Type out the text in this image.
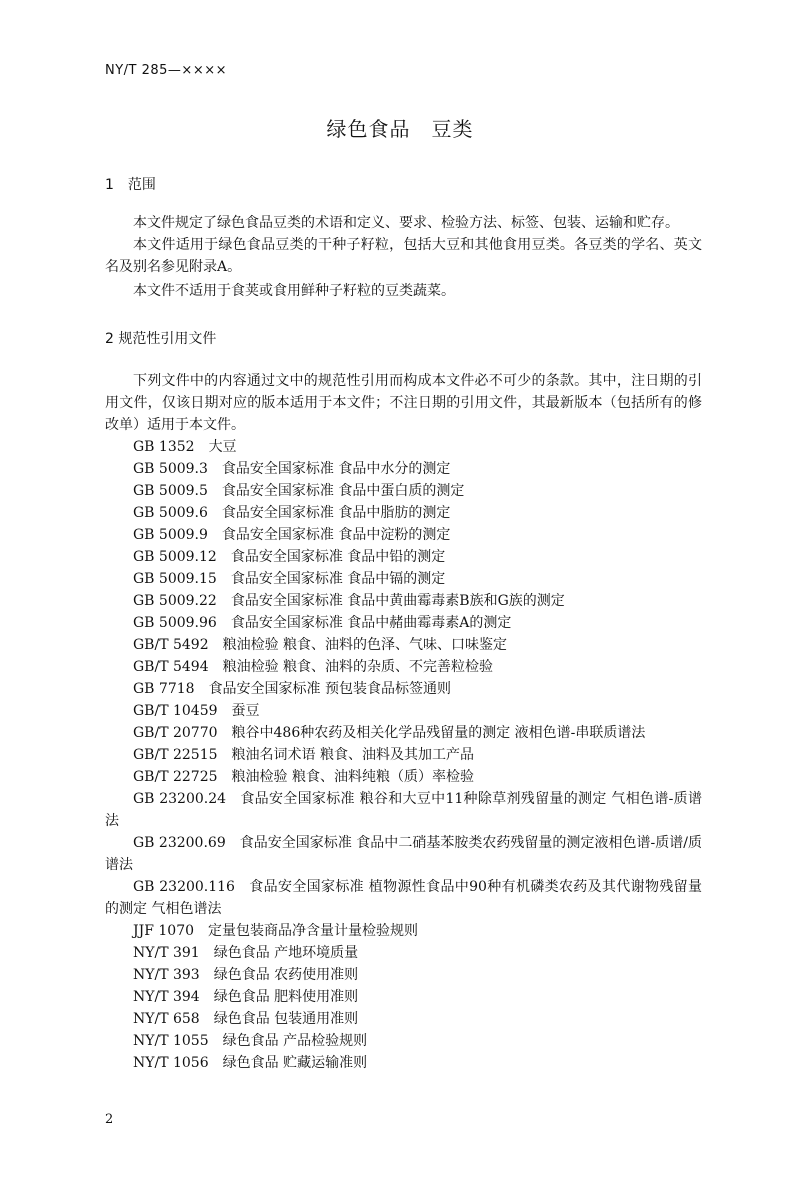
NY/T 285—××××
绿色食品　豆类
1　范围
本文件规定了绿色食品豆类的术语和定义、要求、检验方法、标签、包装、运输和贮存。
本文件适用于绿色食品豆类的干种子籽粒，包括大豆和其他食用豆类。各豆类的学名、英文名及别名参见附录A。
本文件不适用于食荚或食用鲜种子籽粒的豆类蔬菜。
2 规范性引用文件
下列文件中的内容通过文中的规范性引用而构成本文件必不可少的条款。其中，注日期的引用文件，仅该日期对应的版本适用于本文件；不注日期的引用文件，其最新版本（包括所有的修改单）适用于本文件。
GB 1352 大豆
GB 5009.3 食品安全国家标准 食品中水分的测定
GB 5009.5 食品安全国家标准 食品中蛋白质的测定
GB 5009.6 食品安全国家标准 食品中脂肪的测定
GB 5009.9 食品安全国家标准 食品中淀粉的测定
GB 5009.12 食品安全国家标准 食品中铅的测定
GB 5009.15 食品安全国家标准 食品中镉的测定
GB 5009.22 食品安全国家标准 食品中黄曲霉毒素B族和G族的测定
GB 5009.96 食品安全国家标准 食品中赭曲霉毒素A的测定
GB/T 5492 粮油检验 粮食、油料的色泽、气味、口味鉴定
GB/T 5494 粮油检验 粮食、油料的杂质、不完善粒检验
GB 7718 食品安全国家标准 预包装食品标签通则
GB/T 10459 蚕豆
GB/T 20770 粮谷中486种农药及相关化学品残留量的测定 液相色谱-串联质谱法
GB/T 22515 粮油名词术语 粮食、油料及其加工产品
GB/T 22725 粮油检验 粮食、油料纯粮（质）率检验
GB 23200.24 食品安全国家标准 粮谷和大豆中11种除草剂残留量的测定 气相色谱-质谱法
GB 23200.69 食品安全国家标准 食品中二硝基苯胺类农药残留量的测定液相色谱-质谱/质谱法
GB 23200.116 食品安全国家标准 植物源性食品中90种有机磷类农药及其代谢物残留量的测定 气相色谱法
JJF 1070 定量包装商品净含量计量检验规则
NY/T 391 绿色食品 产地环境质量
NY/T 393 绿色食品 农药使用准则
NY/T 394 绿色食品 肥料使用准则
NY/T 658 绿色食品 包装通用准则
NY/T 1055 绿色食品 产品检验规则
NY/T 1056 绿色食品 贮藏运输准则
2
